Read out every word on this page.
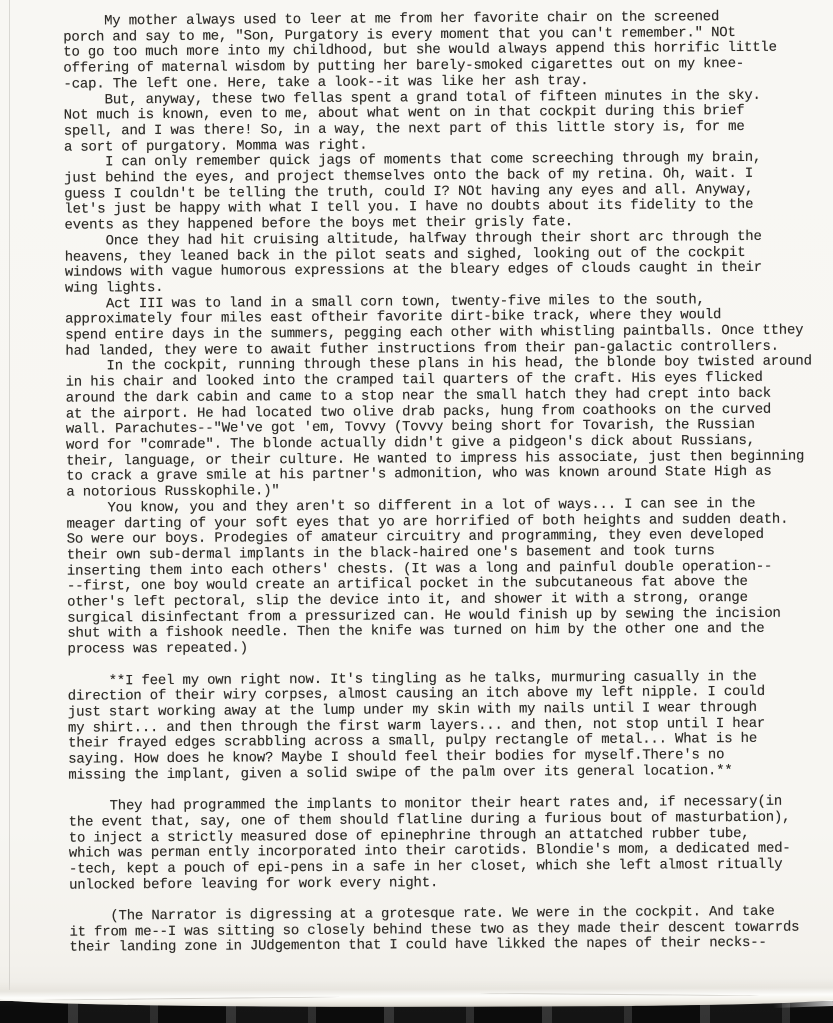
My mother always used to leer at me from her favorite chair on the screened
porch and say to me, "Son, Purgatory is every moment that you can't remember." NOt
to go too much more into my childhood, but she would always append this horrific little
offering of maternal wisdom by putting her barely-smoked cigarettes out on my knee-
-cap. The left one. Here, take a look--it was like her ash tray.
But, anyway, these two fellas spent a grand total of fifteen minutes in the sky.
Not much is known, even to me, about what went on in that cockpit during this brief
spell, and I was there! So, in a way, the next part of this little story is, for me
a sort of purgatory. Momma was right.
I can only remember quick jags of moments that come screeching through my brain,
just behind the eyes, and project themselves onto the back of my retina. Oh, wait. I
guess I couldn't be telling the truth, could I? NOt having any eyes and all. Anyway,
let's just be happy with what I tell you. I have no doubts about its fidelity to the
events as they happened before the boys met their grisly fate.
Once they had hit cruising altitude, halfway through their short arc through the
heavens, they leaned back in the pilot seats and sighed, looking out of the cockpit
windows with vague humorous expressions at the bleary edges of clouds caught in their
wing lights.
Act III was to land in a small corn town, twenty-five miles to the south,
approximately four miles east oftheir favorite dirt-bike track, where they would
spend entire days in the summers, pegging each other with whistling paintballs. Once tthey
had landed, they were to await futher instructions from their pan-galactic controllers.
In the cockpit, running through these plans in his head, the blonde boy twisted around
in his chair and looked into the cramped tail quarters of the craft. His eyes flicked
around the dark cabin and came to a stop near the small hatch they had crept into back
at the airport. He had located two olive drab packs, hung from coathooks on the curved
wall. Parachutes--"We've got 'em, Tovvy (Tovvy being short for Tovarish, the Russian
word for "comrade". The blonde actually didn't give a pidgeon's dick about Russians,
their, language, or their culture. He wanted to impress his associate, just then beginning
to crack a grave smile at his partner's admonition, who was known around State High as
a notorious Russkophile.)"
You know, you and they aren't so different in a lot of ways... I can see in the
meager darting of your soft eyes that yo are horrified of both heights and sudden death.
So were our boys. Prodegies of amateur circuitry and programming, they even developed
their own sub-dermal implants in the black-haired one's basement and took turns
inserting them into each others' chests. (It was a long and painful double operation--
--first, one boy would create an artifical pocket in the subcutaneous fat above the
other's left pectoral, slip the device into it, and shower it with a strong, orange
surgical disinfectant from a pressurized can. He would finish up by sewing the incision
shut with a fishook needle. Then the knife was turned on him by the other one and the
process was repeated.)
**I feel my own right now. It's tingling as he talks, murmuring casually in the
direction of their wiry corpses, almost causing an itch above my left nipple. I could
just start working away at the lump under my skin with my nails until I wear through
my shirt... and then through the first warm layers... and then, not stop until I hear
their frayed edges scrabbling across a small, pulpy rectangle of metal... What is he
saying. How does he know? Maybe I should feel their bodies for myself.There's no
missing the implant, given a solid swipe of the palm over its general location.**
They had programmed the implants to monitor their heart rates and, if necessary(in
the event that, say, one of them should flatline during a furious bout of masturbation),
to inject a strictly measured dose of epinephrine through an attatched rubber tube,
which was perman ently incorporated into their carotids. Blondie's mom, a dedicated med-
-tech, kept a pouch of epi-pens in a safe in her closet, which she left almost ritually
unlocked before leaving for work every night.
(The Narrator is digressing at a grotesque rate. We were in the cockpit. And take
it from me--I was sitting so closely behind these two as they made their descent towarrds
their landing zone in JUdgementon that I could have likked the napes of their necks--
